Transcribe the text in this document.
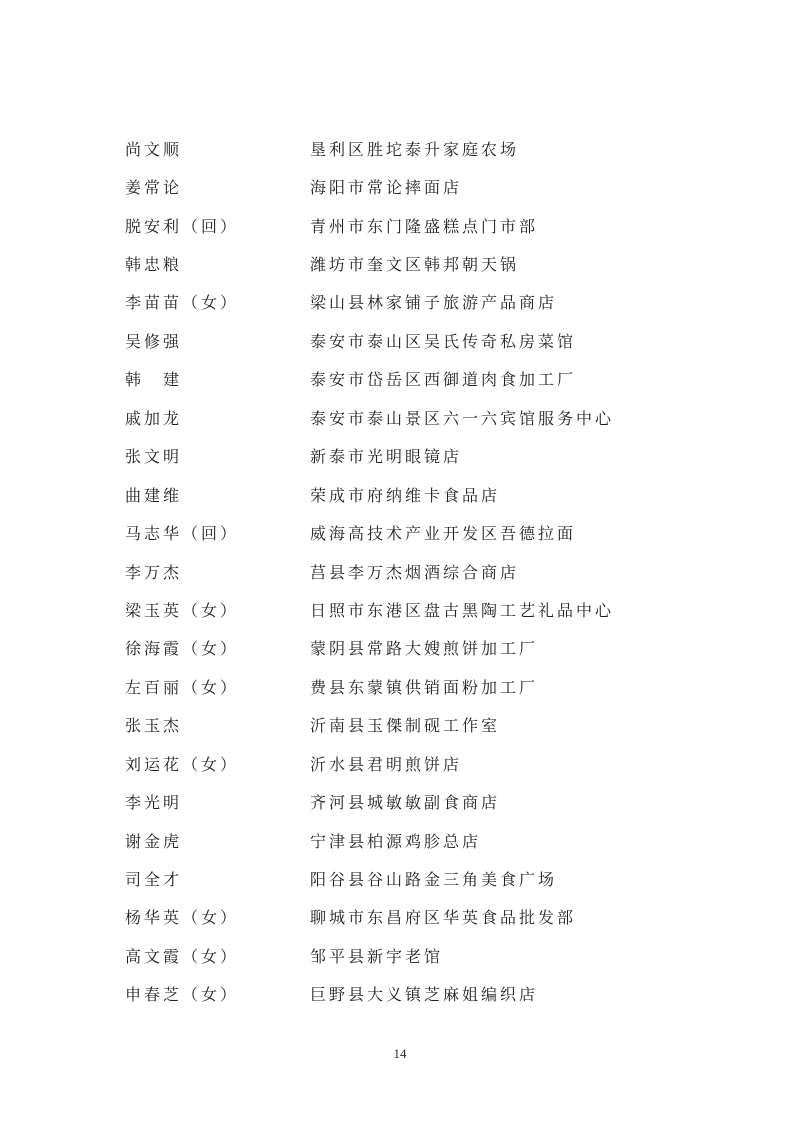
尚文顺	垦利区胜坨泰升家庭农场
姜常论	海阳市常论摔面店
脱安利（回）	青州市东门隆盛糕点门市部
韩忠粮	潍坊市奎文区韩邦朝天锅
李苗苗（女）	梁山县林家铺子旅游产品商店
吴修强	泰安市泰山区吴氏传奇私房菜馆
韩　建	泰安市岱岳区西御道肉食加工厂
戚加龙	泰安市泰山景区六一六宾馆服务中心
张文明	新泰市光明眼镜店
曲建维	荣成市府纳维卡食品店
马志华（回）	威海高技术产业开发区吾德拉面
李万杰	莒县李万杰烟酒综合商店
梁玉英（女）	日照市东港区盘古黑陶工艺礼品中心
徐海霞（女）	蒙阴县常路大嫂煎饼加工厂
左百丽（女）	费县东蒙镇供销面粉加工厂
张玉杰	沂南县玉傑制砚工作室
刘运花（女）	沂水县君明煎饼店
李光明	齐河县城敏敏副食商店
谢金虎	宁津县柏源鸡胗总店
司全才	阳谷县谷山路金三角美食广场
杨华英（女）	聊城市东昌府区华英食品批发部
高文霞（女）	邹平县新宇老馆
申春芝（女）	巨野县大义镇芝麻姐编织店
14
